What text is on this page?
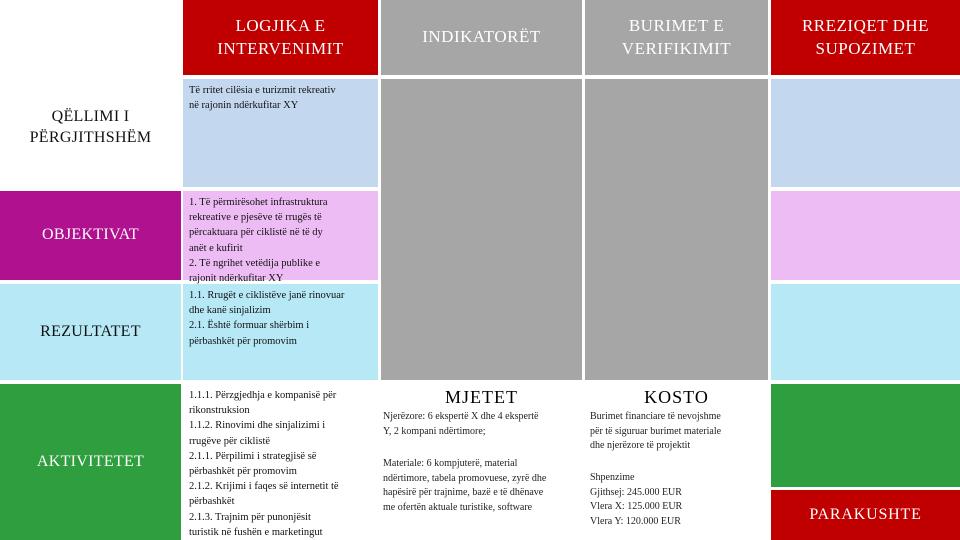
LOGJIKA E
INTERVENIMIT
INDIKATORËT
BURIMET E
VERIFIKIMIT
RREZIQET DHE
SUPOZIMET
QËLLIMI I
PËRGJITHSHËM
Të rritet cilësia e turizmit rekreativ
në rajonin ndërkufitar XY
OBJEKTIVAT
1. Të përmirësohet infrastruktura
rekreative e pjesëve të rrugës të
përcaktuara për ciklistë në të dy
anët e kufirit
2. Të ngrihet vetëdija publike e
rajonit ndërkufitar XY
REZULTATET
1.1. Rrugët e ciklistëve janë rinovuar
dhe kanë sinjalizim
2.1. Është formuar shërbim i
përbashkët për promovim
AKTIVITETET
1.1.1. Përzgjedhja e kompanisë për
rikonstruksion
1.1.2. Rinovimi dhe sinjalizimi i
rrugëve për ciklistë
2.1.1. Përpilimi i strategjisë së
përbashkët për promovim
2.1.2. Krijimi i faqes së internetit të
përbashkët
2.1.3. Trajnim për punonjësit
turistik në fushën e marketingut
PARAKUSHTE
MJETET
Njerëzore: 6 ekspertë X dhe 4 ekspertë
Y, 2 kompani ndërtimore;
Materiale: 6 kompjuterë, material
ndërtimore, tabela promovuese, zyrë dhe
hapësirë për trajnime, bazë e të dhënave
me ofertën aktuale turistike, software
KOSTO
Burimet financiare të nevojshme
për të siguruar burimet materiale
dhe njerëzore të projektit
Shpenzime
Gjithsej: 245.000 EUR
Vlera X: 125.000 EUR
Vlera Y: 120.000 EUR
